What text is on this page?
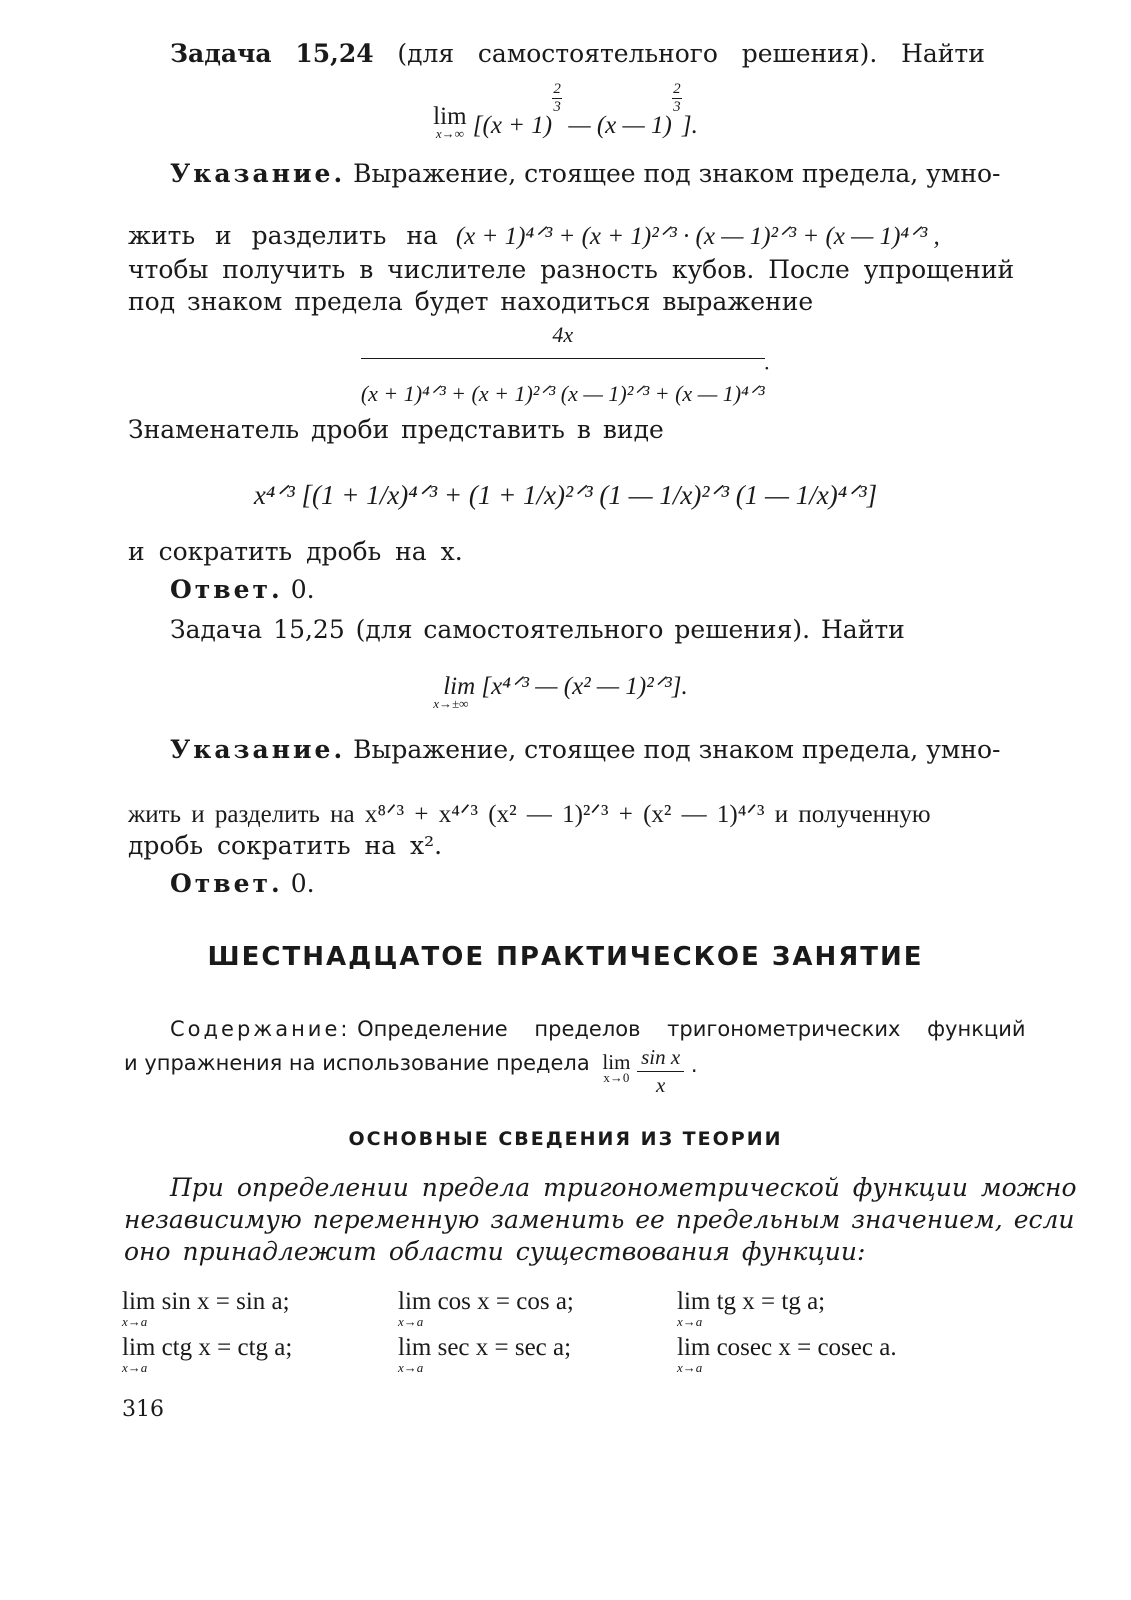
Задача 15,24 (для самостоятельного решения). Найти
lim
x→∞ [(x + 1)
$\frac{2}{3}$
— (x — 1)
$\frac{2}{3}$
].
Указание. Выражение, стоящее под знаком предела, умно-
жить и разделить на (x + 1)⁴ᐟ³ + (x + 1)²ᐟ³ · (x — 1)²ᐟ³ + (x — 1)⁴ᐟ³ ,
чтобы получить в числителе разность кубов. После упрощений
под знаком предела будет находиться выражение
$\frac{4x}{\text{(x + 1)⁴ᐟ³ + (x + 1)²ᐟ³ (x — 1)²ᐟ³ + (x — 1)⁴ᐟ³}}$ .
Знаменатель дроби представить в виде
x⁴ᐟ³ [(1 + 1/x)⁴ᐟ³ + (1 + 1/x)²ᐟ³ (1 — 1/x)²ᐟ³ (1 — 1/x)⁴ᐟ³]
и сократить дробь на x.
Ответ. 0.
Задача 15,25 (для самостоятельного решения). Найти
lim [x⁴ᐟ³ — (x² — 1)²ᐟ³].
x→±∞
Указание. Выражение, стоящее под знаком предела, умно-
жить и разделить на x⁸ᐟ³ + x⁴ᐟ³ (x² — 1)²ᐟ³ + (x² — 1)⁴ᐟ³ и полученную
дробь сократить на x².
Ответ. 0.
ШЕСТНАДЦАТОЕ ПРАКТИЧЕСКОЕ ЗАНЯТИЕ
Содержание: Определение пределов тригонометрических функций
и упражнения на использование предела lim
x→0
$\frac{\text{sin x}}{x}$ .
ОСНОВНЫЕ СВЕДЕНИЯ ИЗ ТЕОРИИ
При определении предела тригонометрической функции можно
независимую переменную заменить ее предельным значением, если
оно принадлежит области существования функции:
lim sin x = sin a;
x→a
lim cos x = cos a;
x→a
lim tg x = tg a;
x→a
lim ctg x = ctg a;
x→a
lim sec x = sec a;
x→a
lim cosec x = cosec a.
x→a
316
